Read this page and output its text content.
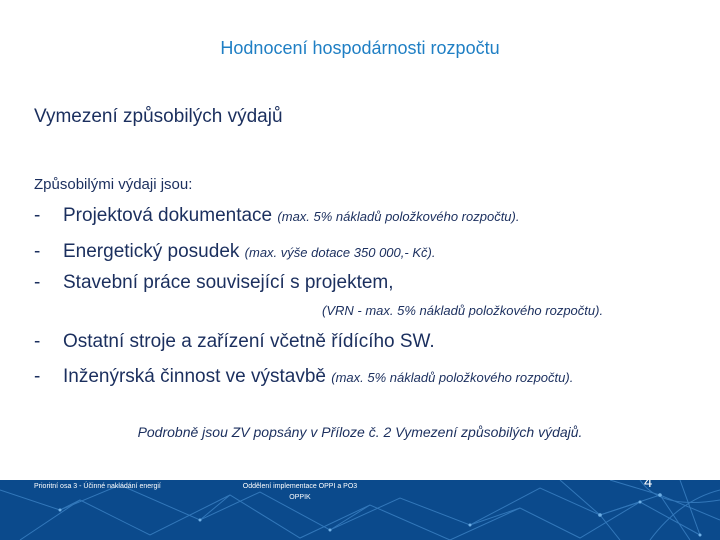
Hodnocení hospodárnosti rozpočtu
Vymezení způsobilých výdajů
Způsobilými výdaji jsou:
- Projektová dokumentace (max. 5% nákladů položkového rozpočtu).
- Energetický posudek (max. výše dotace 350 000,- Kč).
- Stavební práce související s projektem,
(VRN - max. 5% nákladů položkového rozpočtu).
- Ostatní stroje a zařízení včetně řídícího SW.
- Inženýrská činnost ve výstavbě (max. 5% nákladů položkového rozpočtu).
Podrobně jsou ZV popsány v Příloze č. 2 Vymezení způsobilých výdajů.
Prioritní osa 3 - Účinné nakládání energií
Ing. Pavel Zdeněk
Oddělení implementace OPPI a PO3
OPPIK
4
